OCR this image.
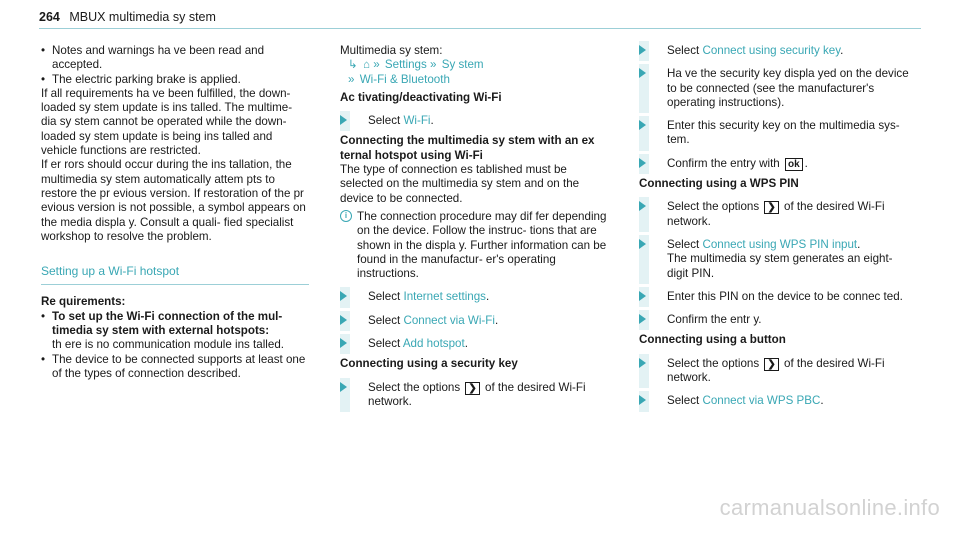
264 MBUX multimedia sy stem

• Notes and warnings ha ve been read and accepted.

• The electric parking brake is applied.

If all requirements ha ve been fulfilled, the down‐ loaded sy stem update is ins talled. The multime‐ dia sy stem cannot be operated while the down‐ loaded sy stem update is being ins talled and vehicle functions are restricted.

If er rors should occur during the ins tallation, the multimedia sy stem automatically attem pts to restore the pr evious version. If restoration of the pr evious version is not possible, a symbol appears on the media displa y. Consult a quali‐ fied specialist workshop to resolve the problem.

Setting up a Wi-Fi hotspot

Re quirements:

• To set up the Wi-Fi connection of the mul‐ timedia sy stem with external hotspots:
th ere is no communication module ins talled.

• The device to be connected supports at least one of the types of connection described.

Multimedia sy stem:

↳ ⌂ » Settings » Sy stem

» Wi-Fi & Bluetooth

Ac tivating/deactivating Wi-Fi

Select Wi-Fi.

Connecting the multimedia sy stem with an ex ternal hotspot using Wi-Fi

The type of connection es tablished must be selected on the multimedia sy stem and on the device to be connected.

i The connection procedure may dif fer depending on the device. Follow the instruc‐ tions that are shown in the displa y. Further information can be found in the manufactur‐ er's operating instructions.
Select Internet settings.
Select Connect via Wi-Fi.
Select Add hotspot.

Connecting using a security key

Select the options ❯ of the desired Wi-Fi network.
Select Connect using security key.
Ha ve the security key displa yed on the device to be connected (see the manufacturer's operating instructions).
Enter this security key on the multimedia sys‐ tem.
Confirm the entry with ok .

Connecting using a WPS PIN

Select the options ❯ of the desired Wi-Fi network.
Select Connect using WPS PIN input.
The multimedia sy stem generates an eight- digit PIN.
Enter this PIN on the device to be connec ted.
Confirm the entr y.

Connecting using a button

Select the options ❯ of the desired Wi-Fi network.
Select Connect via WPS PBC.
carmanualsonline.info
